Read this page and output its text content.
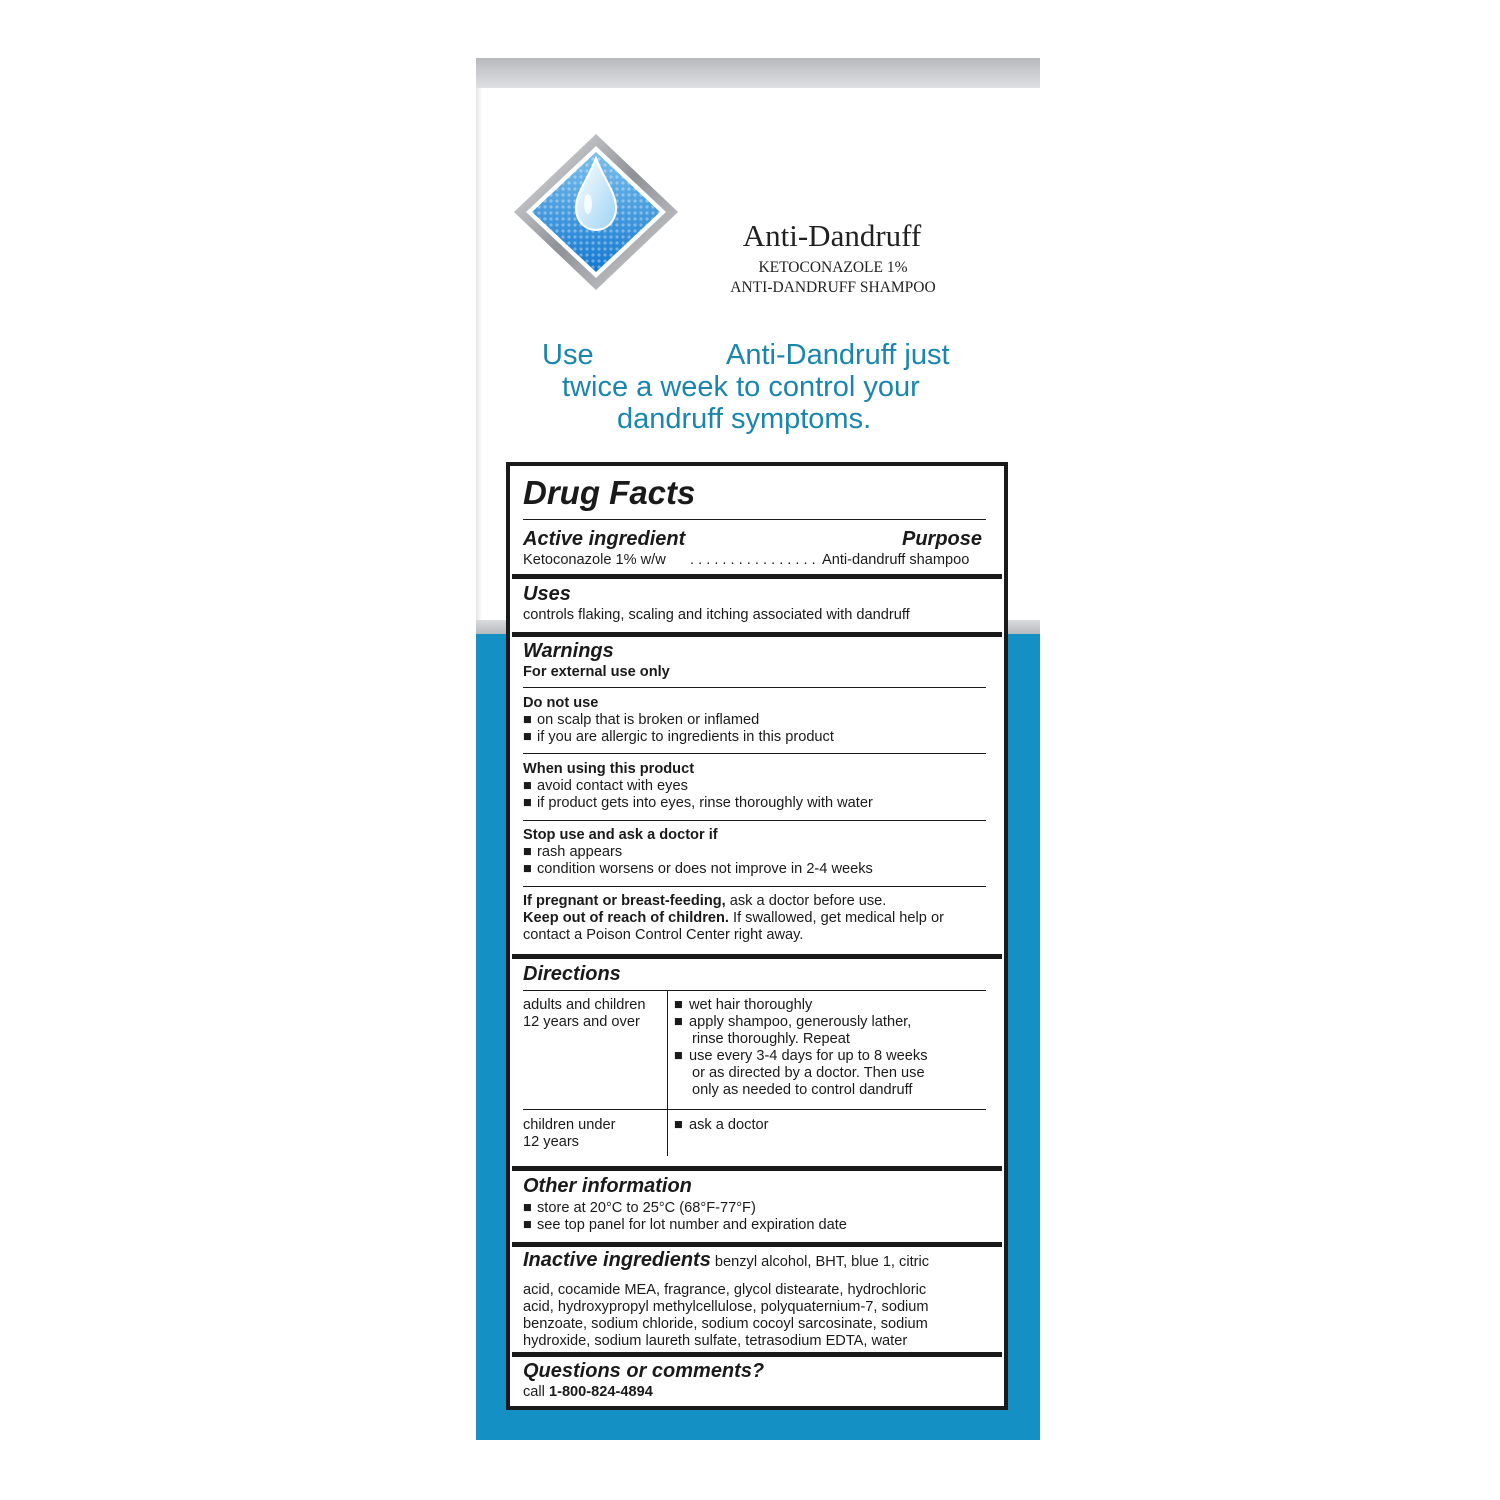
Anti-Dandruff
KETOCONAZOLE 1%
ANTI-DANDRUFF SHAMPOO
Use	Anti-Dandruff just
twice a week to control your
dandruff symptoms.
Drug Facts
Active ingredient	Purpose
Ketoconazole 1% w/w . . . . . . . . . . . . . . . . Anti-dandruff shampoo
Uses
controls flaking, scaling and itching associated with dandruff
Warnings
For external use only
Do not use
■ on scalp that is broken or inflamed
■ if you are allergic to ingredients in this product
When using this product
■ avoid contact with eyes
■ if product gets into eyes, rinse thoroughly with water
Stop use and ask a doctor if
■ rash appears
■ condition worsens or does not improve in 2-4 weeks
If pregnant or breast-feeding, ask a doctor before use.
Keep out of reach of children. If swallowed, get medical help or
contact a Poison Control Center right away.
Directions
adults and children
12 years and over
■ wet hair thoroughly
■ apply shampoo, generously lather,
rinse thoroughly. Repeat
■ use every 3-4 days for up to 8 weeks
or as directed by a doctor. Then use
only as needed to control dandruff
children under
12 years
■ ask a doctor
Other information
■ store at 20°C to 25°C (68°F-77°F)
■ see top panel for lot number and expiration date
Inactive ingredients benzyl alcohol, BHT, blue 1, citric
acid, cocamide MEA, fragrance, glycol distearate, hydrochloric
acid, hydroxypropyl methylcellulose, polyquaternium-7, sodium
benzoate, sodium chloride, sodium cocoyl sarcosinate, sodium
hydroxide, sodium laureth sulfate, tetrasodium EDTA, water
Questions or comments?
call 1-800-824-4894
